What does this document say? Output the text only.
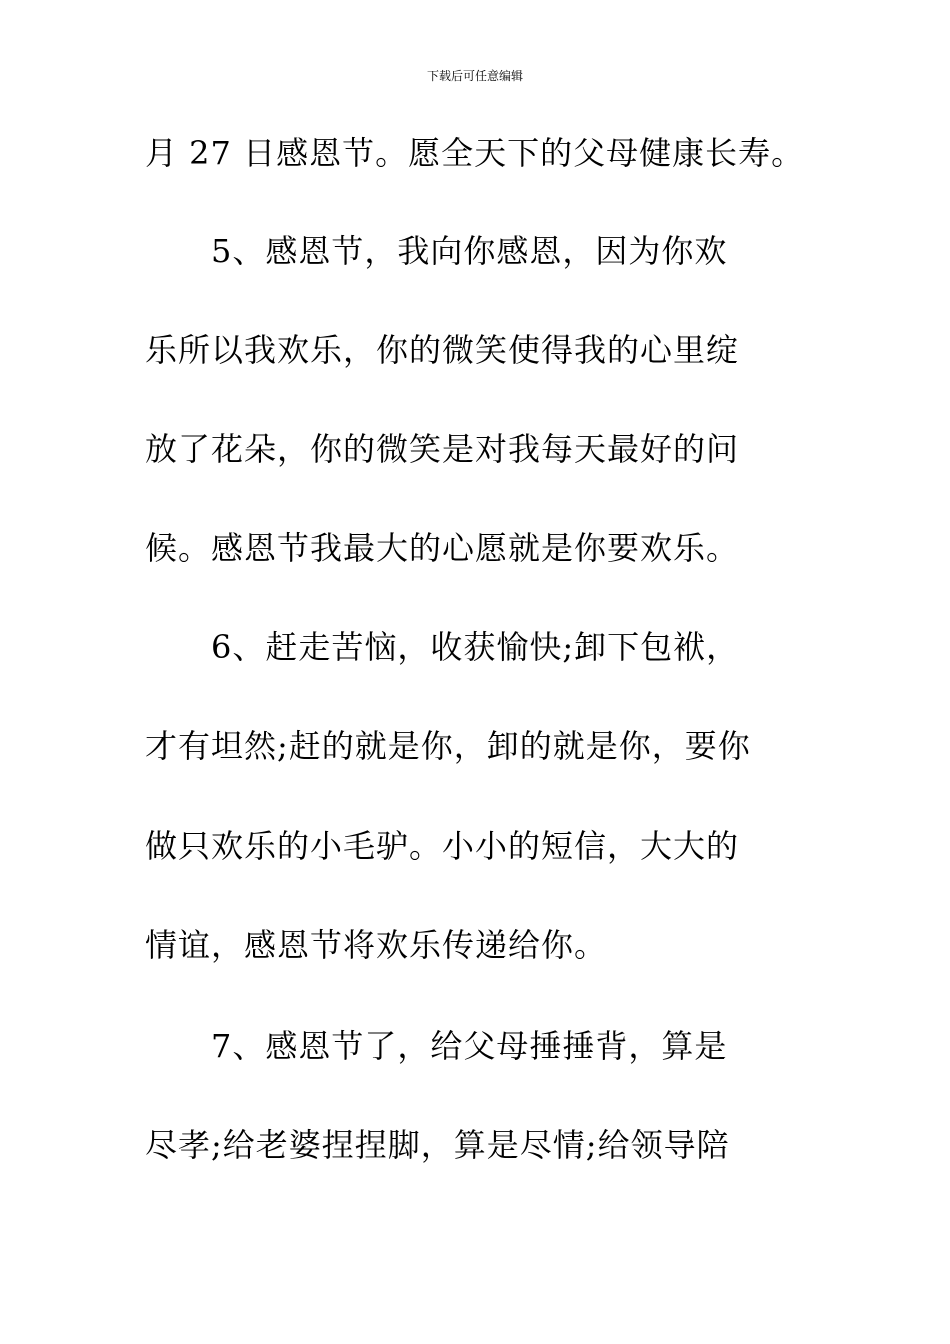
下载后可任意编辑
月 27 日感恩节。愿全天下的父母健康长寿。
　　5、感恩节，我向你感恩，因为你欢
乐所以我欢乐，你的微笑使得我的心里绽
放了花朵，你的微笑是对我每天最好的问
候。感恩节我最大的心愿就是你要欢乐。
　　6、赶走苦恼，收获愉快;卸下包袱，
才有坦然;赶的就是你，卸的就是你，要你
做只欢乐的小毛驴。小小的短信，大大的
情谊，感恩节将欢乐传递给你。
　　7、感恩节了，给父母捶捶背，算是
尽孝;给老婆捏捏脚，算是尽情;给领导陪
